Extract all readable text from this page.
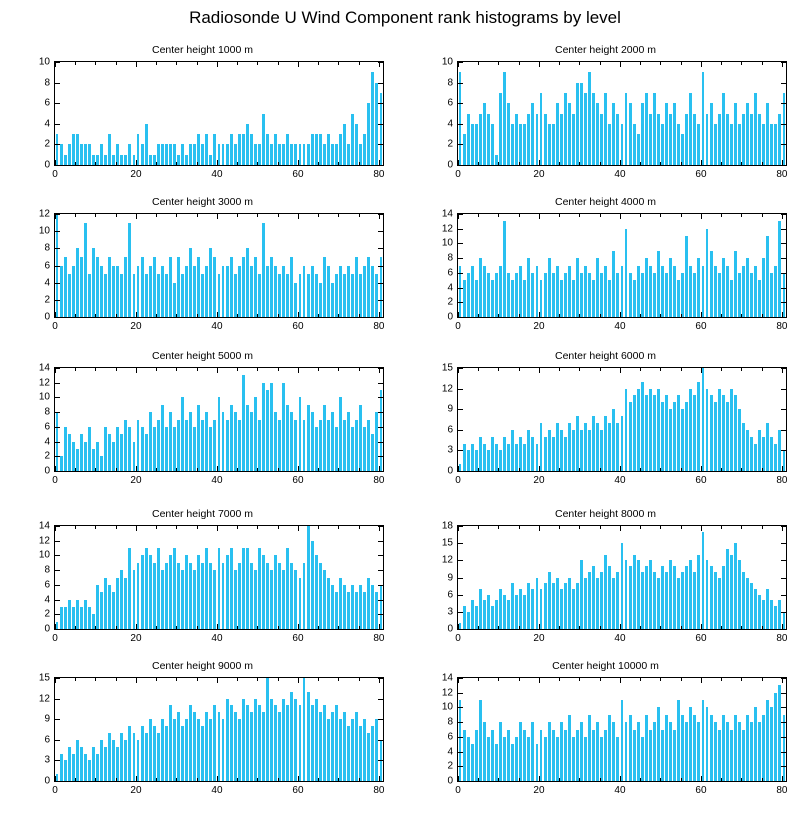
Radiosonde U Wind Component rank histograms by level
Center height 1000 m
0
2
4
6
8
10
0	20	40	60	80
Center height 2000 m
0
2
4
6
8
10
0	20	40	60	80
Center height 3000 m
0
2
4
6
8
10
12
0	20	40	60	80
Center height 4000 m
0
2
4
6
8
10
12
14
0	20	40	60	80
Center height 5000 m
0
2
4
6
8
10
12
14
0	20	40	60	80
Center height 6000 m
0
3
6
9
12
15
0	20	40	60	80
Center height 7000 m
0
2
4
6
8
10
12
14
0	20	40	60	80
Center height 8000 m
0
3
6
9
12
15
18
0	20	40	60	80
Center height 9000 m
0
3
6
9
12
15
0	20	40	60	80
Center height 10000 m
0
2
4
6
8
10
12
14
0	20	40	60	80
